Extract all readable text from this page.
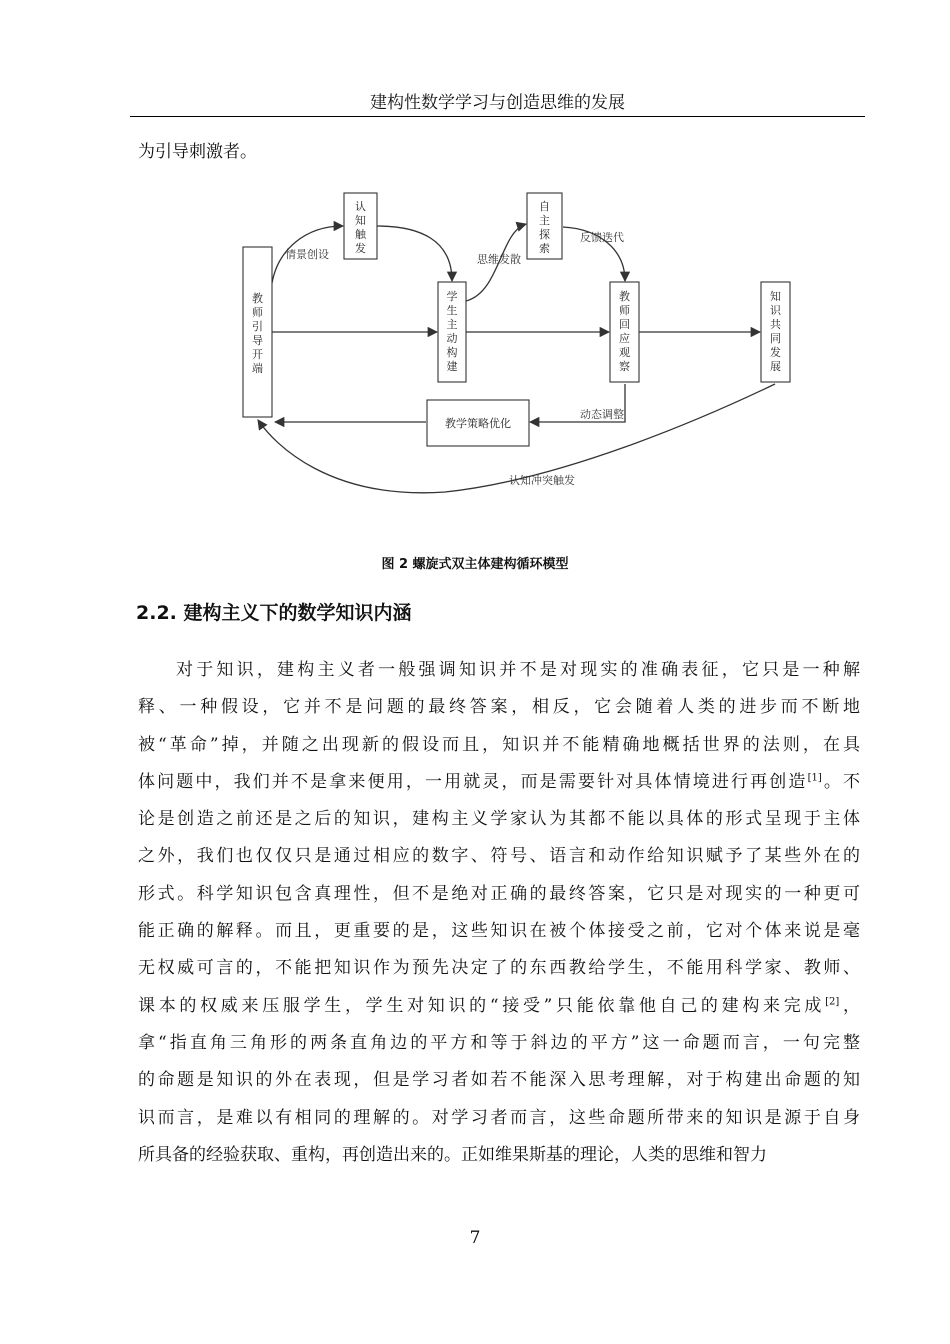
建构性数学学习与创造思维的发展
为引导刺激者。
情景创设	思维发散
反馈迭代
动态调整
认知冲突触发
教师引导开端
认知触发
学生主动构建
自主探索
教师回应观察
知识共同发展
教学策略优化
图 2 螺旋式双主体建构循环模型
2.2. 建构主义下的数学知识内涵
对于知识，建构主义者一般强调知识并不是对现实的准确表征，它只是一种解
释、一种假设，它并不是问题的最终答案，相反，它会随着人类的进步而不断地
被“革命”掉，并随之出现新的假设而且，知识并不能精确地概括世界的法则，在具
体问题中，我们并不是拿来便用，一用就灵，而是需要针对具体情境进行再创造[1]。不
论是创造之前还是之后的知识，建构主义学家认为其都不能以具体的形式呈现于主体
之外，我们也仅仅只是通过相应的数字、符号、语言和动作给知识赋予了某些外在的
形式。科学知识包含真理性，但不是绝对正确的最终答案，它只是对现实的一种更可
能正确的解释。而且，更重要的是，这些知识在被个体接受之前，它对个体来说是毫
无权威可言的，不能把知识作为预先决定了的东西教给学生，不能用科学家、教师、
课本的权威来压服学生，学生对知识的“接受”只能依靠他自己的建构来完成[2]，
拿“指直角三角形的两条直角边的平方和等于斜边的平方”这一命题而言，一句完整
的命题是知识的外在表现，但是学习者如若不能深入思考理解，对于构建出命题的知
识而言，是难以有相同的理解的。对学习者而言，这些命题所带来的知识是源于自身
所具备的经验获取、重构，再创造出来的。正如维果斯基的理论，人类的思维和智力
7
